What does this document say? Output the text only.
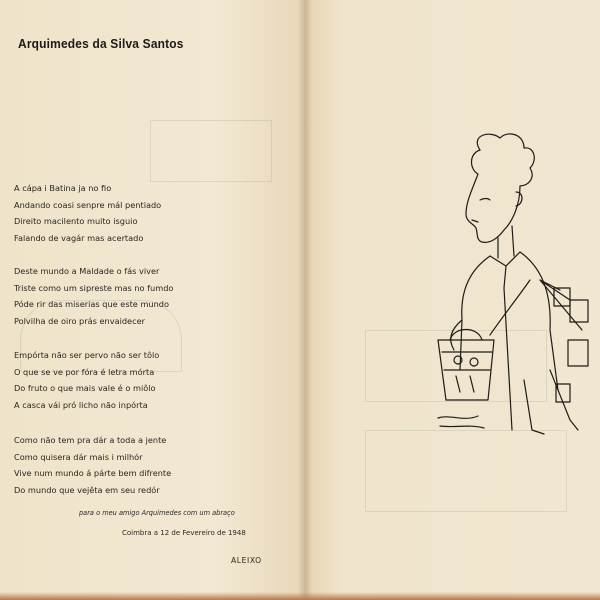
Arquimedes da Silva Santos
A cápa i Batina ja no fio
Andando coasi senpre mál pentiado
Direito macilento muito isguio
Falando de vagár mas acertado
Deste mundo a Maldade o fás viver
Triste como um sipreste mas no fumdo
Póde rir das miserias que este mundo
Polvilha de oiro prás envaidecer
Empórta não ser pervo não ser tôlo
O que se ve por fóra é letra mórta
Do fruto o que mais vale é o miôlo
A casca vái pró licho não inpórta
Como não tem pra dár a toda a jente
Como quisera dár mais i milhór
Vive num mundo á párte bem difrente
Do mundo que vejêta em seu redór
para o meu amigo Arquimedes com um abraço
Coimbra a 12 de Fevereiro de 1948
ALEIXO
